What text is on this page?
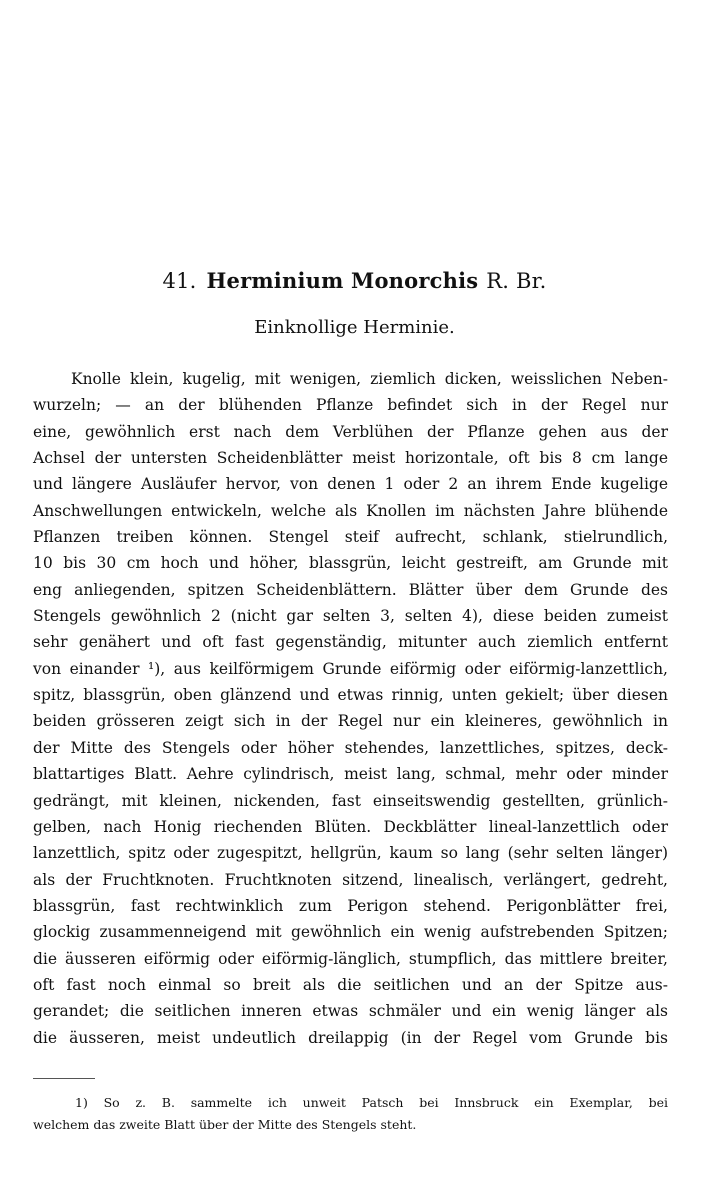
41. Herminium Monorchis R. Br.
Einknollige Herminie.
Knolle klein, kugelig, mit wenigen, ziemlich dicken, weisslichen Neben-
wurzeln; — an der blühenden Pflanze befindet sich in der Regel nur
eine, gewöhnlich erst nach dem Verblühen der Pflanze gehen aus der
Achsel der untersten Scheidenblätter meist horizontale, oft bis 8 cm lange
und längere Ausläufer hervor, von denen 1 oder 2 an ihrem Ende kugelige
Anschwellungen entwickeln, welche als Knollen im nächsten Jahre blühende
Pflanzen treiben können. Stengel steif aufrecht, schlank, stielrundlich,
10 bis 30 cm hoch und höher, blassgrün, leicht gestreift, am Grunde mit
eng anliegenden, spitzen Scheidenblättern. Blätter über dem Grunde des
Stengels gewöhnlich 2 (nicht gar selten 3, selten 4), diese beiden zumeist
sehr genähert und oft fast gegenständig, mitunter auch ziemlich entfernt
von einander ¹), aus keilförmigem Grunde eiförmig oder eiförmig-lanzettlich,
spitz, blassgrün, oben glänzend und etwas rinnig, unten gekielt; über diesen
beiden grösseren zeigt sich in der Regel nur ein kleineres, gewöhnlich in
der Mitte des Stengels oder höher stehendes, lanzettliches, spitzes, deck-
blattartiges Blatt. Aehre cylindrisch, meist lang, schmal, mehr oder minder
gedrängt, mit kleinen, nickenden, fast einseitswendig gestellten, grünlich-
gelben, nach Honig riechenden Blüten. Deckblätter lineal-lanzettlich oder
lanzettlich, spitz oder zugespitzt, hellgrün, kaum so lang (sehr selten länger)
als der Fruchtknoten. Fruchtknoten sitzend, linealisch, verlängert, gedreht,
blassgrün, fast rechtwinklich zum Perigon stehend. Perigonblätter frei,
glockig zusammenneigend mit gewöhnlich ein wenig aufstrebenden Spitzen;
die äusseren eiförmig oder eiförmig-länglich, stumpflich, das mittlere breiter,
oft fast noch einmal so breit als die seitlichen und an der Spitze aus-
gerandet; die seitlichen inneren etwas schmäler und ein wenig länger als
die äusseren, meist undeutlich dreilappig (in der Regel vom Grunde bis
1) So z. B. sammelte ich unweit Patsch bei Innsbruck ein Exemplar, bei
welchem das zweite Blatt über der Mitte des Stengels steht.
